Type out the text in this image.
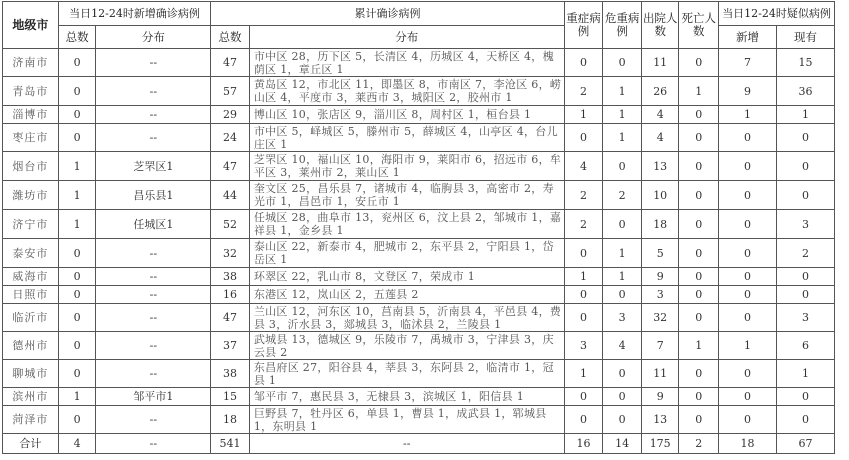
地级市	当日12-24时新增确诊病例		累计确诊病例		重症病例	危重病例	出院人数	死亡人数	当日12-24时疑似病例	
	总数	分布	总数	分布					新增	现有
济南市	0	--	47	市中区 28，历下区 5，长清区 4，历城区 4，天桥区 4，槐荫区 1，章丘区 1	0	0	11	0	7	15
青岛市	0	--	57	黄岛区 12，市北区 11，即墨区 8，市南区 7，李沧区 6，崂山区 4，平度市 3，莱西市 3，城阳区 2，胶州市 1	2	1	26	1	9	36
淄博市	0	--	29	博山区 10，张店区 9，淄川区 8，周村区 1，桓台县 1	1	1	4	0	1	1
枣庄市	0	--	24	市中区 5，峄城区 5，滕州市 5，薛城区 4，山亭区 4，台儿庄区 1	0	1	4	0	0	0
烟台市	1	芝罘区1	47	芝罘区 10，福山区 10，海阳市 9，莱阳市 6，招远市 6，牟平区 3，莱州市 2，莱山区 1	4	0	13	0	0	0
潍坊市	1	昌乐县1	44	奎文区 25，昌乐县 7，诸城市 4，临朐县 3，高密市 2，寿光市 1，昌邑市 1，安丘市 1	2	2	10	0	0	0
济宁市	1	任城区1	52	任城区 28，曲阜市 13，兖州区 6，汶上县 2，邹城市 1，嘉祥县 1，金乡县 1	2	0	18	0	0	3
泰安市	0	--	32	泰山区 22，新泰市 4，肥城市 2，东平县 2，宁阳县 1，岱岳区 1	0	1	5	0	0	2
威海市	0	--	38	环翠区 22，乳山市 8，文登区 7，荣成市 1	1	1	9	0	0	0
日照市	0	--	16	东港区 12，岚山区 2，五莲县 2	0	0	3	0	0	0
临沂市	0	--	47	兰山区 12，河东区 10，莒南县 5，沂南县 4，平邑县 4，费县 3，沂水县 3，郯城县 3，临沭县 2，兰陵县 1	0	3	32	0	0	3
德州市	0	--	37	武城县 13，德城区 9，乐陵市 7，禹城市 3，宁津县 3，庆云县 2	3	4	7	1	1	6
聊城市	0	--	38	东昌府区 27，阳谷县 4，莘县 3，东阿县 2，临清市 1，冠县 1	1	0	11	0	0	1
滨州市	1	邹平市1	15	邹平市 7，惠民县 3，无棣县 3，滨城区 1，阳信县 1	0	0	9	0	0	0
菏泽市	0	--	18	巨野县 7，牡丹区 6，单县 1，曹县 1，成武县 1，郓城县 1，东明县 1	0	0	13	0	0	0
合计	4	--	541	--	16	14	175	2	18	67
